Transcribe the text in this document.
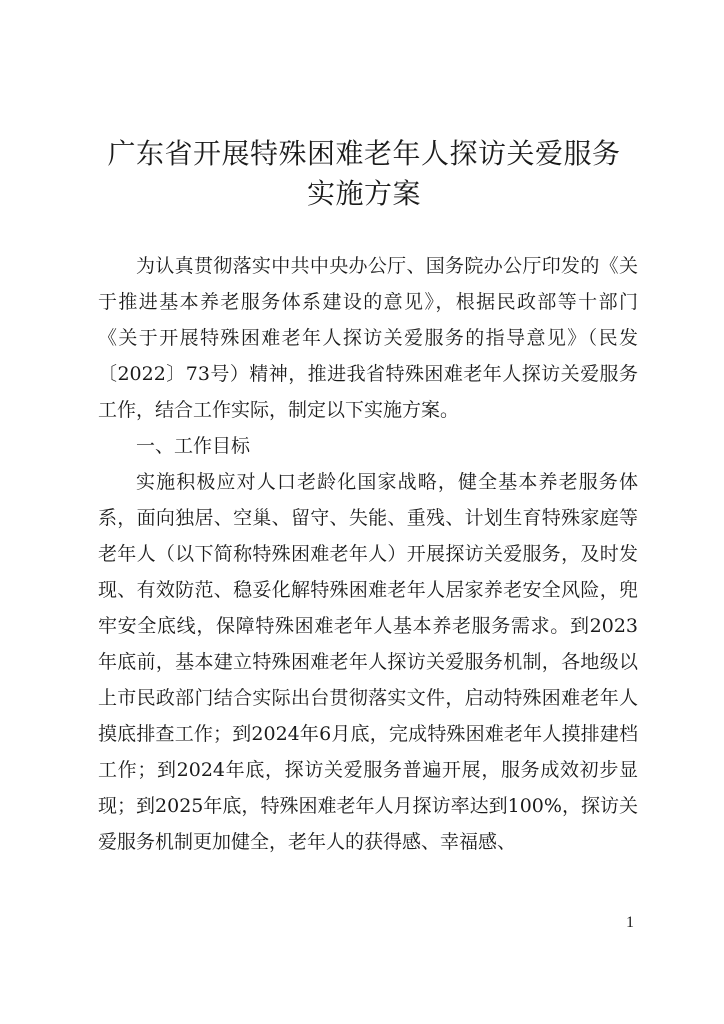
广东省开展特殊困难老年人探访关爱服务 实施方案

为认真贯彻落实中共中央办公厅、国务院办公厅印发的《关于推进基本养老服务体系建设的意见》，根据民政部等十部门《关于开展特殊困难老年人探访关爱服务的指导意见》（民发〔2022〕73号）精神，推进我省特殊困难老年人探访关爱服务工作，结合工作实际，制定以下实施方案。

一、工作目标

实施积极应对人口老龄化国家战略，健全基本养老服务体系，面向独居、空巢、留守、失能、重残、计划生育特殊家庭等老年人（以下简称特殊困难老年人）开展探访关爱服务，及时发现、有效防范、稳妥化解特殊困难老年人居家养老安全风险，兜牢安全底线，保障特殊困难老年人基本养老服务需求。到2023年底前，基本建立特殊困难老年人探访关爱服务机制，各地级以上市民政部门结合实际出台贯彻落实文件，启动特殊困难老年人摸底排查工作；到2024年6月底，完成特殊困难老年人摸排建档工作；到2024年底，探访关爱服务普遍开展，服务成效初步显现；到2025年底，特殊困难老年人月探访率达到100%，探访关爱服务机制更加健全，老年人的获得感、幸福感、

1
